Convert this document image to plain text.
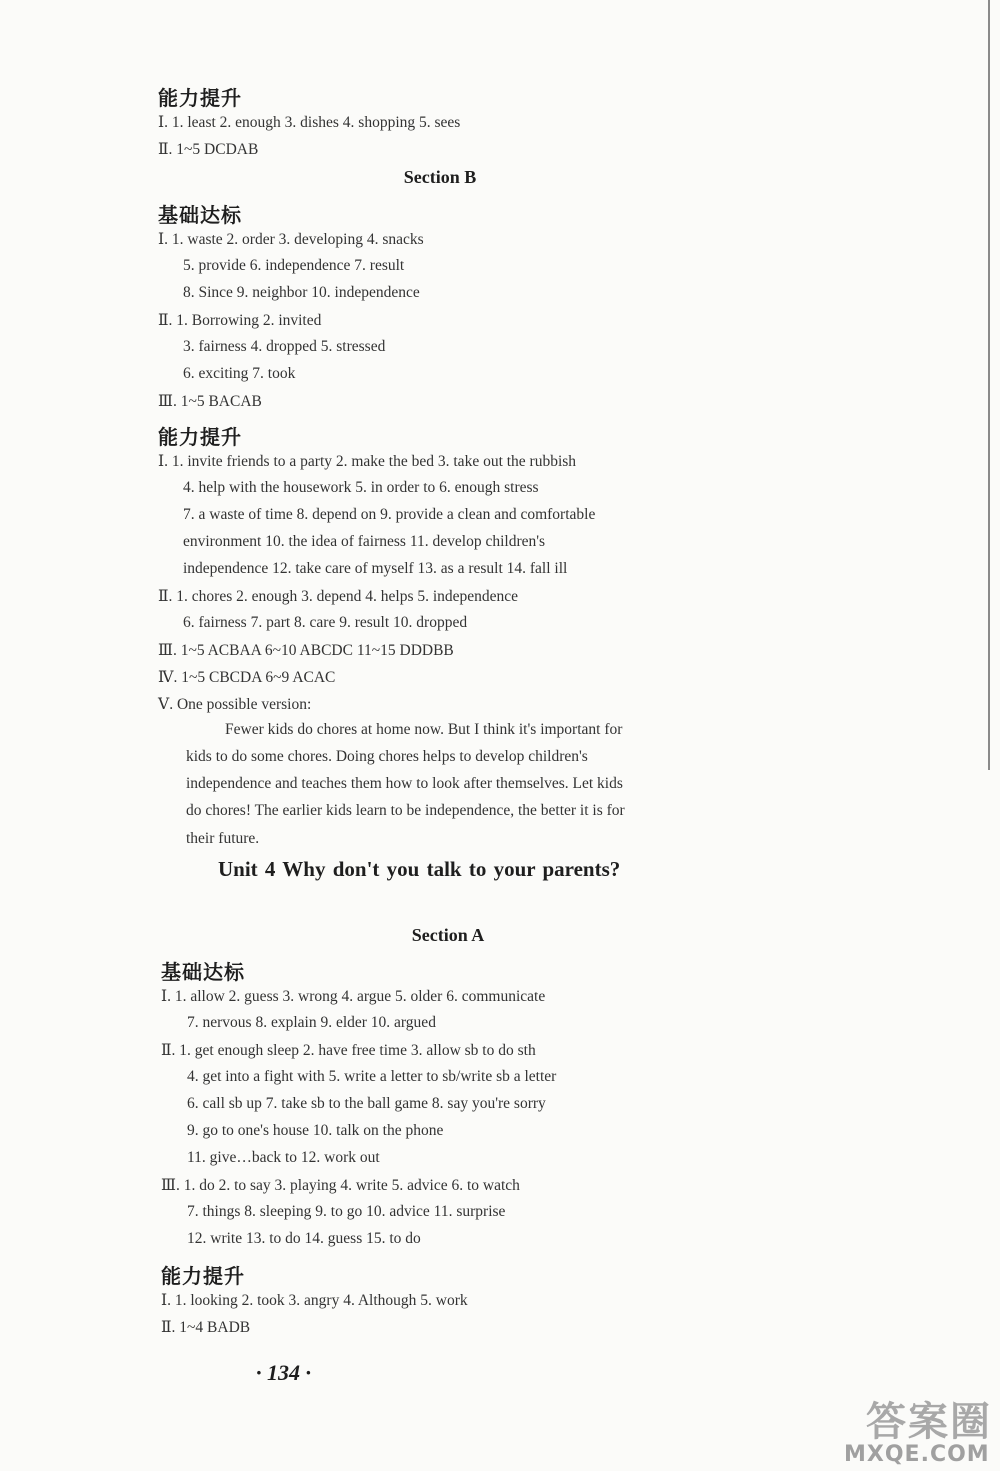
能力提升
Ⅰ. 1. least 2. enough 3. dishes 4. shopping 5. sees
Ⅱ. 1~5 DCDAB
Section B
基础达标
Ⅰ. 1. waste 2. order 3. developing 4. snacks
5. provide 6. independence 7. result
8. Since 9. neighbor 10. independence
Ⅱ. 1. Borrowing 2. invited
3. fairness 4. dropped 5. stressed
6. exciting 7. took
Ⅲ. 1~5 BACAB
能力提升
Ⅰ. 1. invite friends to a party 2. make the bed 3. take out the rubbish
4. help with the housework 5. in order to 6. enough stress
7. a waste of time 8. depend on 9. provide a clean and comfortable
environment 10. the idea of fairness 11. develop children's
independence 12. take care of myself 13. as a result 14. fall ill
Ⅱ. 1. chores 2. enough 3. depend 4. helps 5. independence
6. fairness 7. part 8. care 9. result 10. dropped
Ⅲ. 1~5 ACBAA 6~10 ABCDC 11~15 DDDBB
Ⅳ. 1~5 CBCDA 6~9 ACAC
Ⅴ. One possible version:
Fewer kids do chores at home now. But I think it's important for
kids to do some chores. Doing chores helps to develop children's
independence and teaches them how to look after themselves. Let kids
do chores! The earlier kids learn to be independence, the better it is for
their future.
Unit 4 Why don't you talk to your parents?
Section A
基础达标
Ⅰ. 1. allow 2. guess 3. wrong 4. argue 5. older 6. communicate
7. nervous 8. explain 9. elder 10. argued
Ⅱ. 1. get enough sleep 2. have free time 3. allow sb to do sth
4. get into a fight with 5. write a letter to sb/write sb a letter
6. call sb up 7. take sb to the ball game 8. say you're sorry
9. go to one's house 10. talk on the phone
11. give…back to 12. work out
Ⅲ. 1. do 2. to say 3. playing 4. write 5. advice 6. to watch
7. things 8. sleeping 9. to go 10. advice 11. surprise
12. write 13. to do 14. guess 15. to do
能力提升
Ⅰ. 1. looking 2. took 3. angry 4. Although 5. work
Ⅱ. 1~4 BADB
· 134 ·
答案圈
MXQE.COM
